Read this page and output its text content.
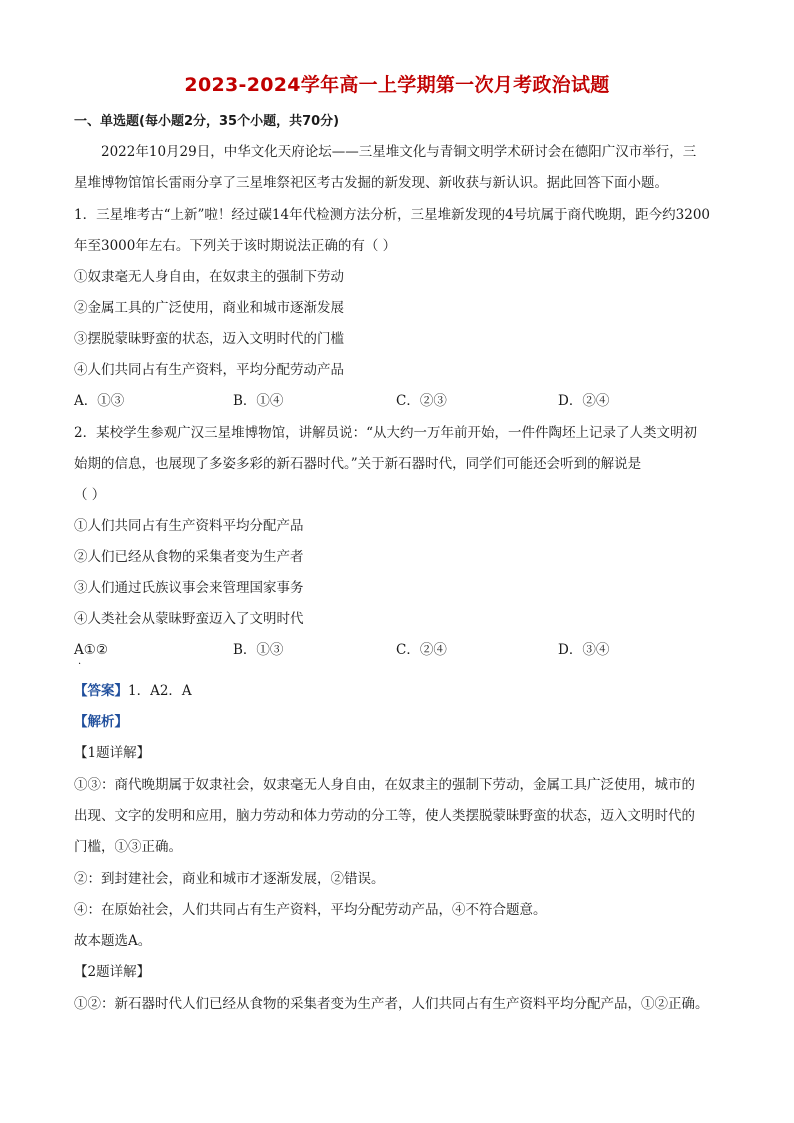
2023-2024学年高一上学期第一次月考政治试题
一、单选题(每小题2分，35个小题，共70分)
2022年10月29日，中华文化天府论坛——三星堆文化与青铜文明学术研讨会在德阳广汉市举行，三
星堆博物馆馆长雷雨分享了三星堆祭祀区考古发掘的新发现、新收获与新认识。据此回答下面小题。
1．三星堆考古“上新”啦！经过碳14年代检测方法分析，三星堆新发现的4号坑属于商代晚期，距今约3200
年至3000年左右。下列关于该时期说法正确的有（ ）
①奴隶毫无人身自由，在奴隶主的强制下劳动
②金属工具的广泛使用，商业和城市逐渐发展
③摆脱蒙昧野蛮的状态，迈入文明时代的门槛
④人们共同占有生产资料，平均分配劳动产品
A．①③	B．①④	C．②③	D．②④
2．某校学生参观广汉三星堆博物馆，讲解员说：“从大约一万年前开始，一件件陶坯上记录了人类文明初
始期的信息，也展现了多姿多彩的新石器时代。”关于新石器时代，同学们可能还会听到的解说是
（ ）
①人们共同占有生产资料平均分配产品
②人们已经从食物的采集者变为生产者
③人们通过氏族议事会来管理国家事务
④人类社会从蒙昧野蛮迈入了文明时代
A①②	B．①③	C．②④	D．③④
·
【答案】1．A2．A
【解析】
【1题详解】
①③：商代晚期属于奴隶社会，奴隶毫无人身自由，在奴隶主的强制下劳动，金属工具广泛使用，城市的
出现、文字的发明和应用，脑力劳动和体力劳动的分工等，使人类摆脱蒙昧野蛮的状态，迈入文明时代的
门槛，①③正确。
②：到封建社会，商业和城市才逐渐发展，②错误。
④：在原始社会，人们共同占有生产资料，平均分配劳动产品，④不符合题意。
故本题选A。
【2题详解】
①②：新石器时代人们已经从食物的采集者变为生产者，人们共同占有生产资料平均分配产品，①②正确。
